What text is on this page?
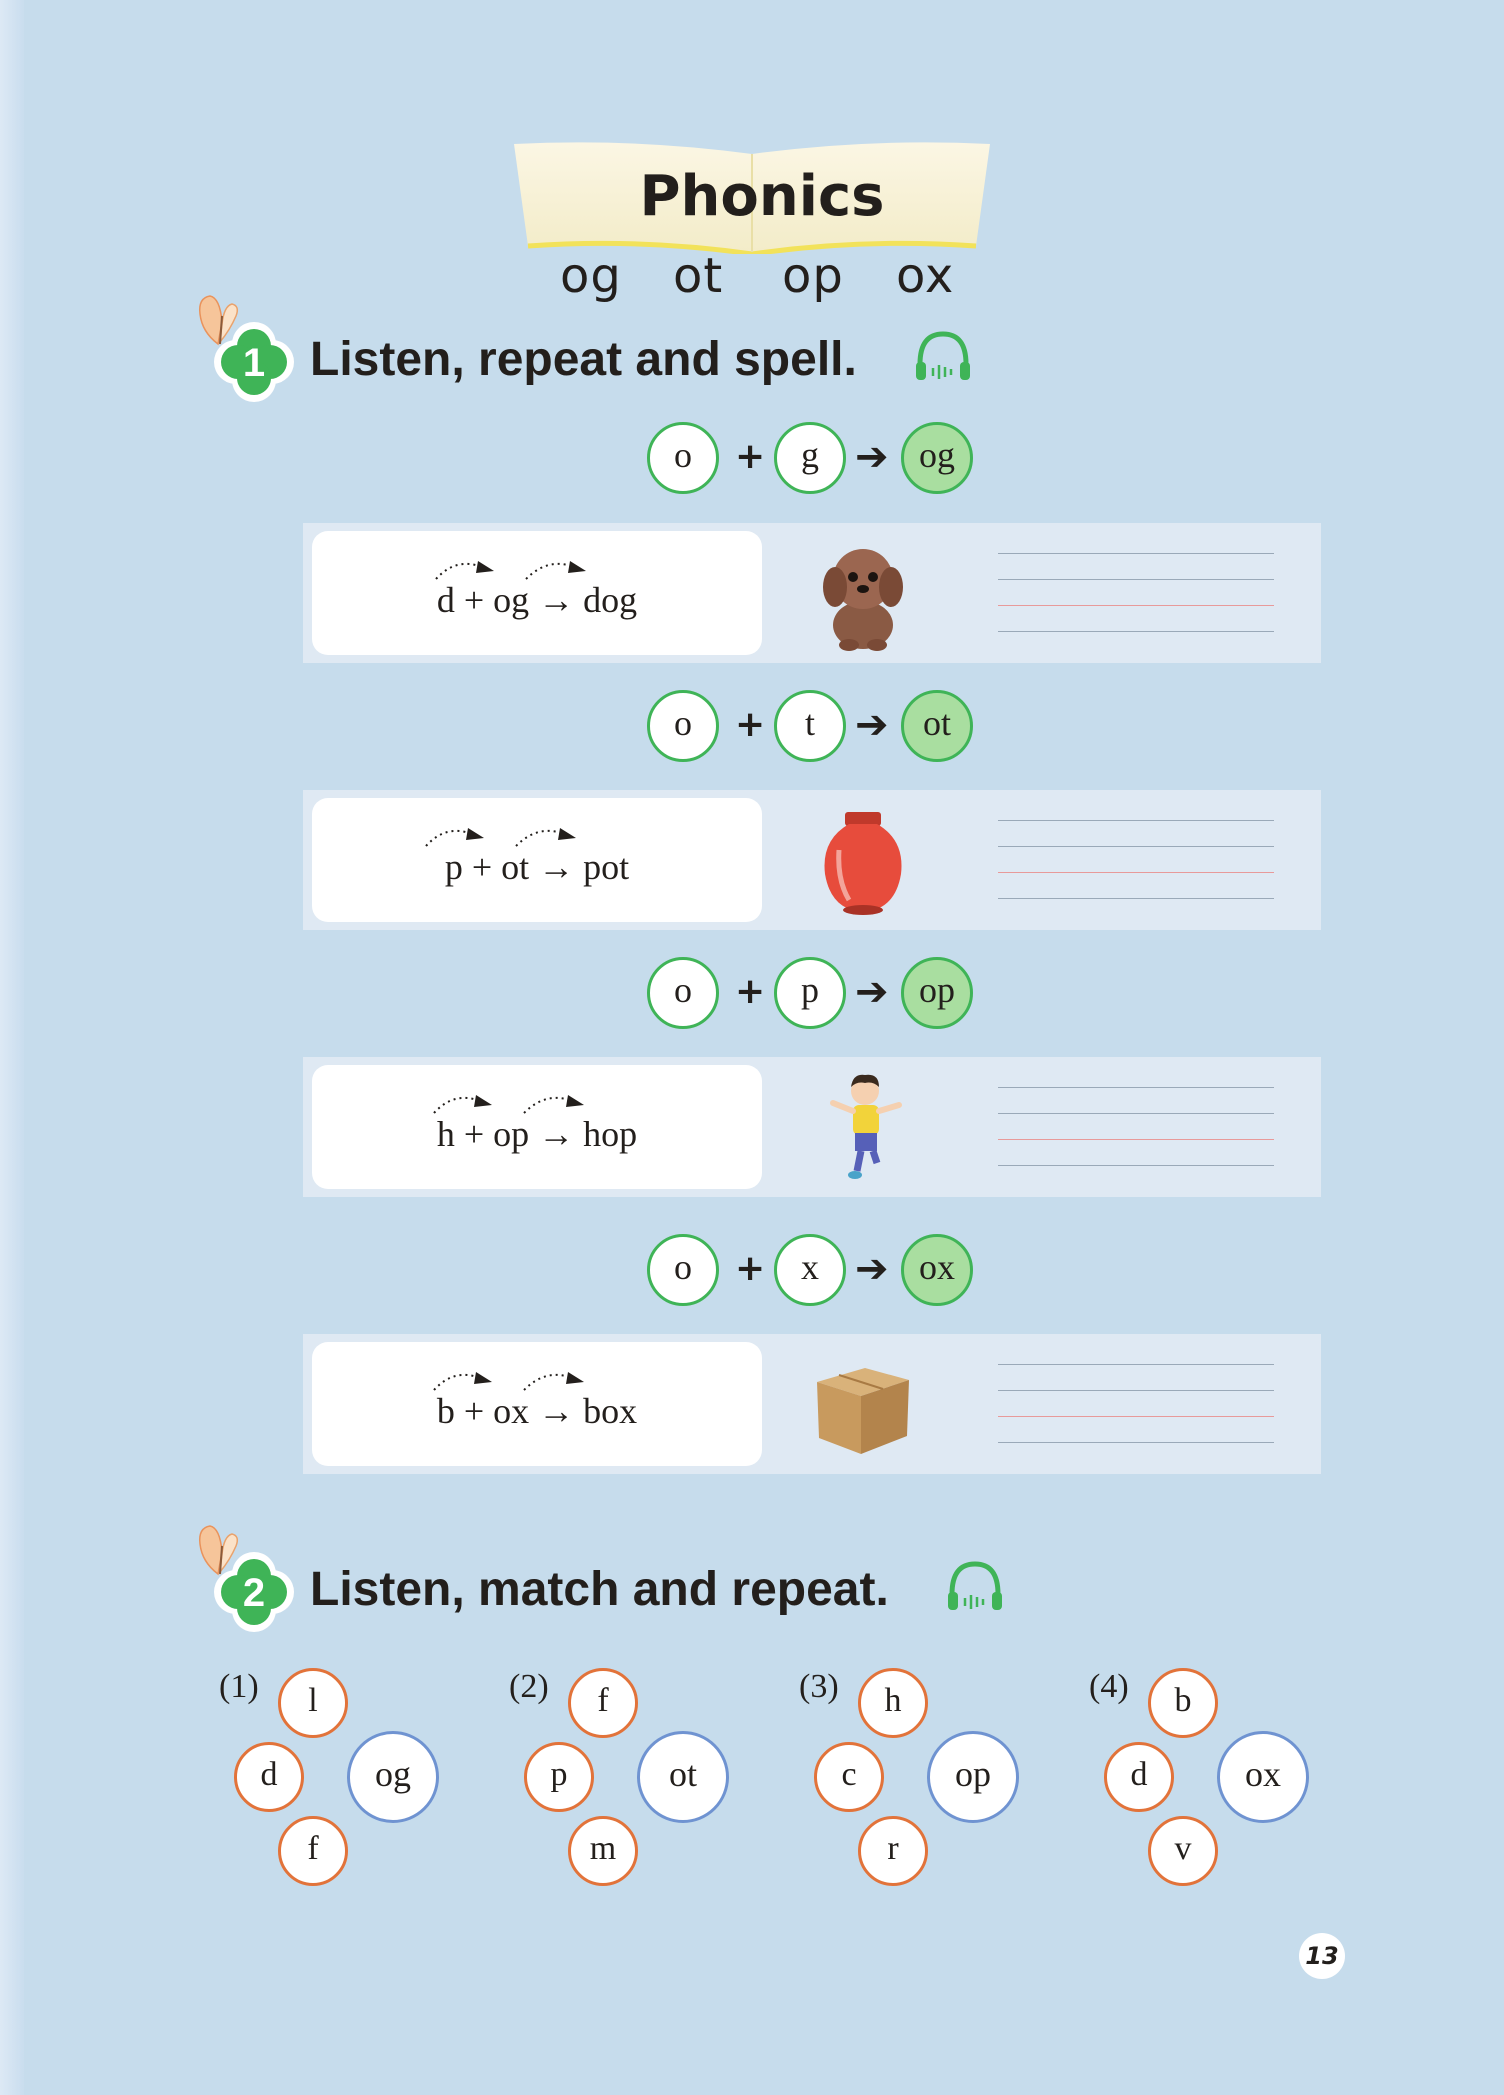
Phonics
og ot op ox
1 Listen, repeat and spell.
o	+ g ➔ og
d + og → dog
o	+	t	➔ ot
p + ot → pot
o	+ p ➔ op
h + op → hop
o	+ x ➔ ox
b + ox → box
2 Listen, match and repeat.
(1)	l
d
f
og
(2)	f
p
m
ot
(3)	h
c
r
op
(4)	b
d
v
ox
13
